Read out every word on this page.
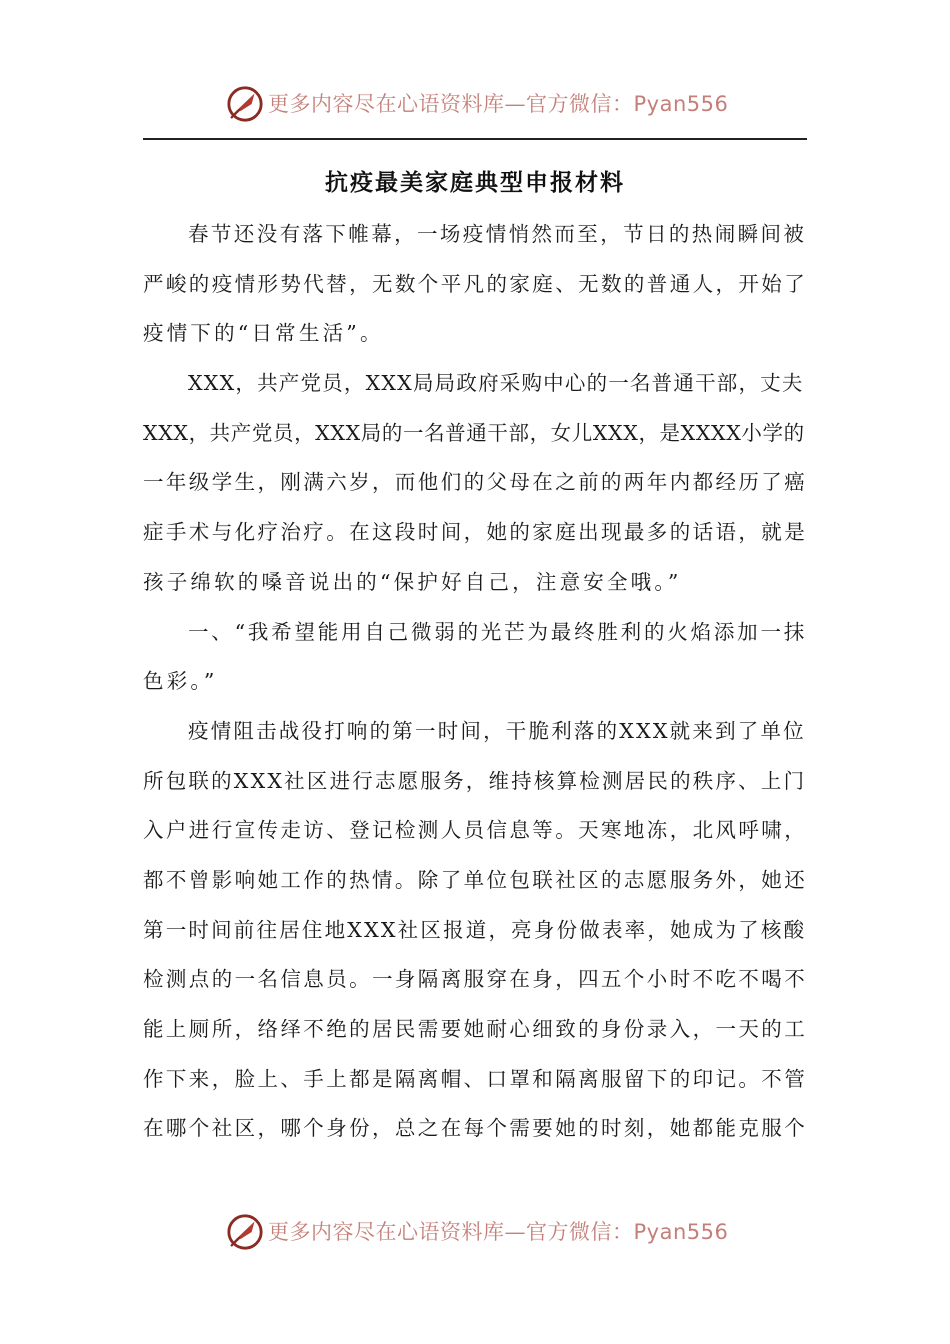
更多内容尽在心语资料库—官方微信：Pyan556
抗疫最美家庭典型申报材料
春节还没有落下帷幕，一场疫情悄然而至，节日的热闹瞬间被
严峻的疫情形势代替，无数个平凡的家庭、无数的普通人，开始了
疫情下的“日常生活”。
XXX，共产党员，XXX局局政府采购中心的一名普通干部，丈夫
XXX，共产党员，XXX局的一名普通干部，女儿XXX，是XXXX小学的
一年级学生，刚满六岁，而他们的父母在之前的两年内都经历了癌
症手术与化疗治疗。在这段时间，她的家庭出现最多的话语，就是
孩子绵软的嗓音说出的“保护好自己，注意安全哦。”
一、“我希望能用自己微弱的光芒为最终胜利的火焰添加一抹
色彩。”
疫情阻击战役打响的第一时间，干脆利落的XXX就来到了单位
所包联的XXX社区进行志愿服务，维持核算检测居民的秩序、上门
入户进行宣传走访、登记检测人员信息等。天寒地冻，北风呼啸，
都不曾影响她工作的热情。除了单位包联社区的志愿服务外，她还
第一时间前往居住地XXX社区报道，亮身份做表率，她成为了核酸
检测点的一名信息员。一身隔离服穿在身，四五个小时不吃不喝不
能上厕所，络绎不绝的居民需要她耐心细致的身份录入，一天的工
作下来，脸上、手上都是隔离帽、口罩和隔离服留下的印记。不管
在哪个社区，哪个身份，总之在每个需要她的时刻，她都能克服个
更多内容尽在心语资料库—官方微信：Pyan556
